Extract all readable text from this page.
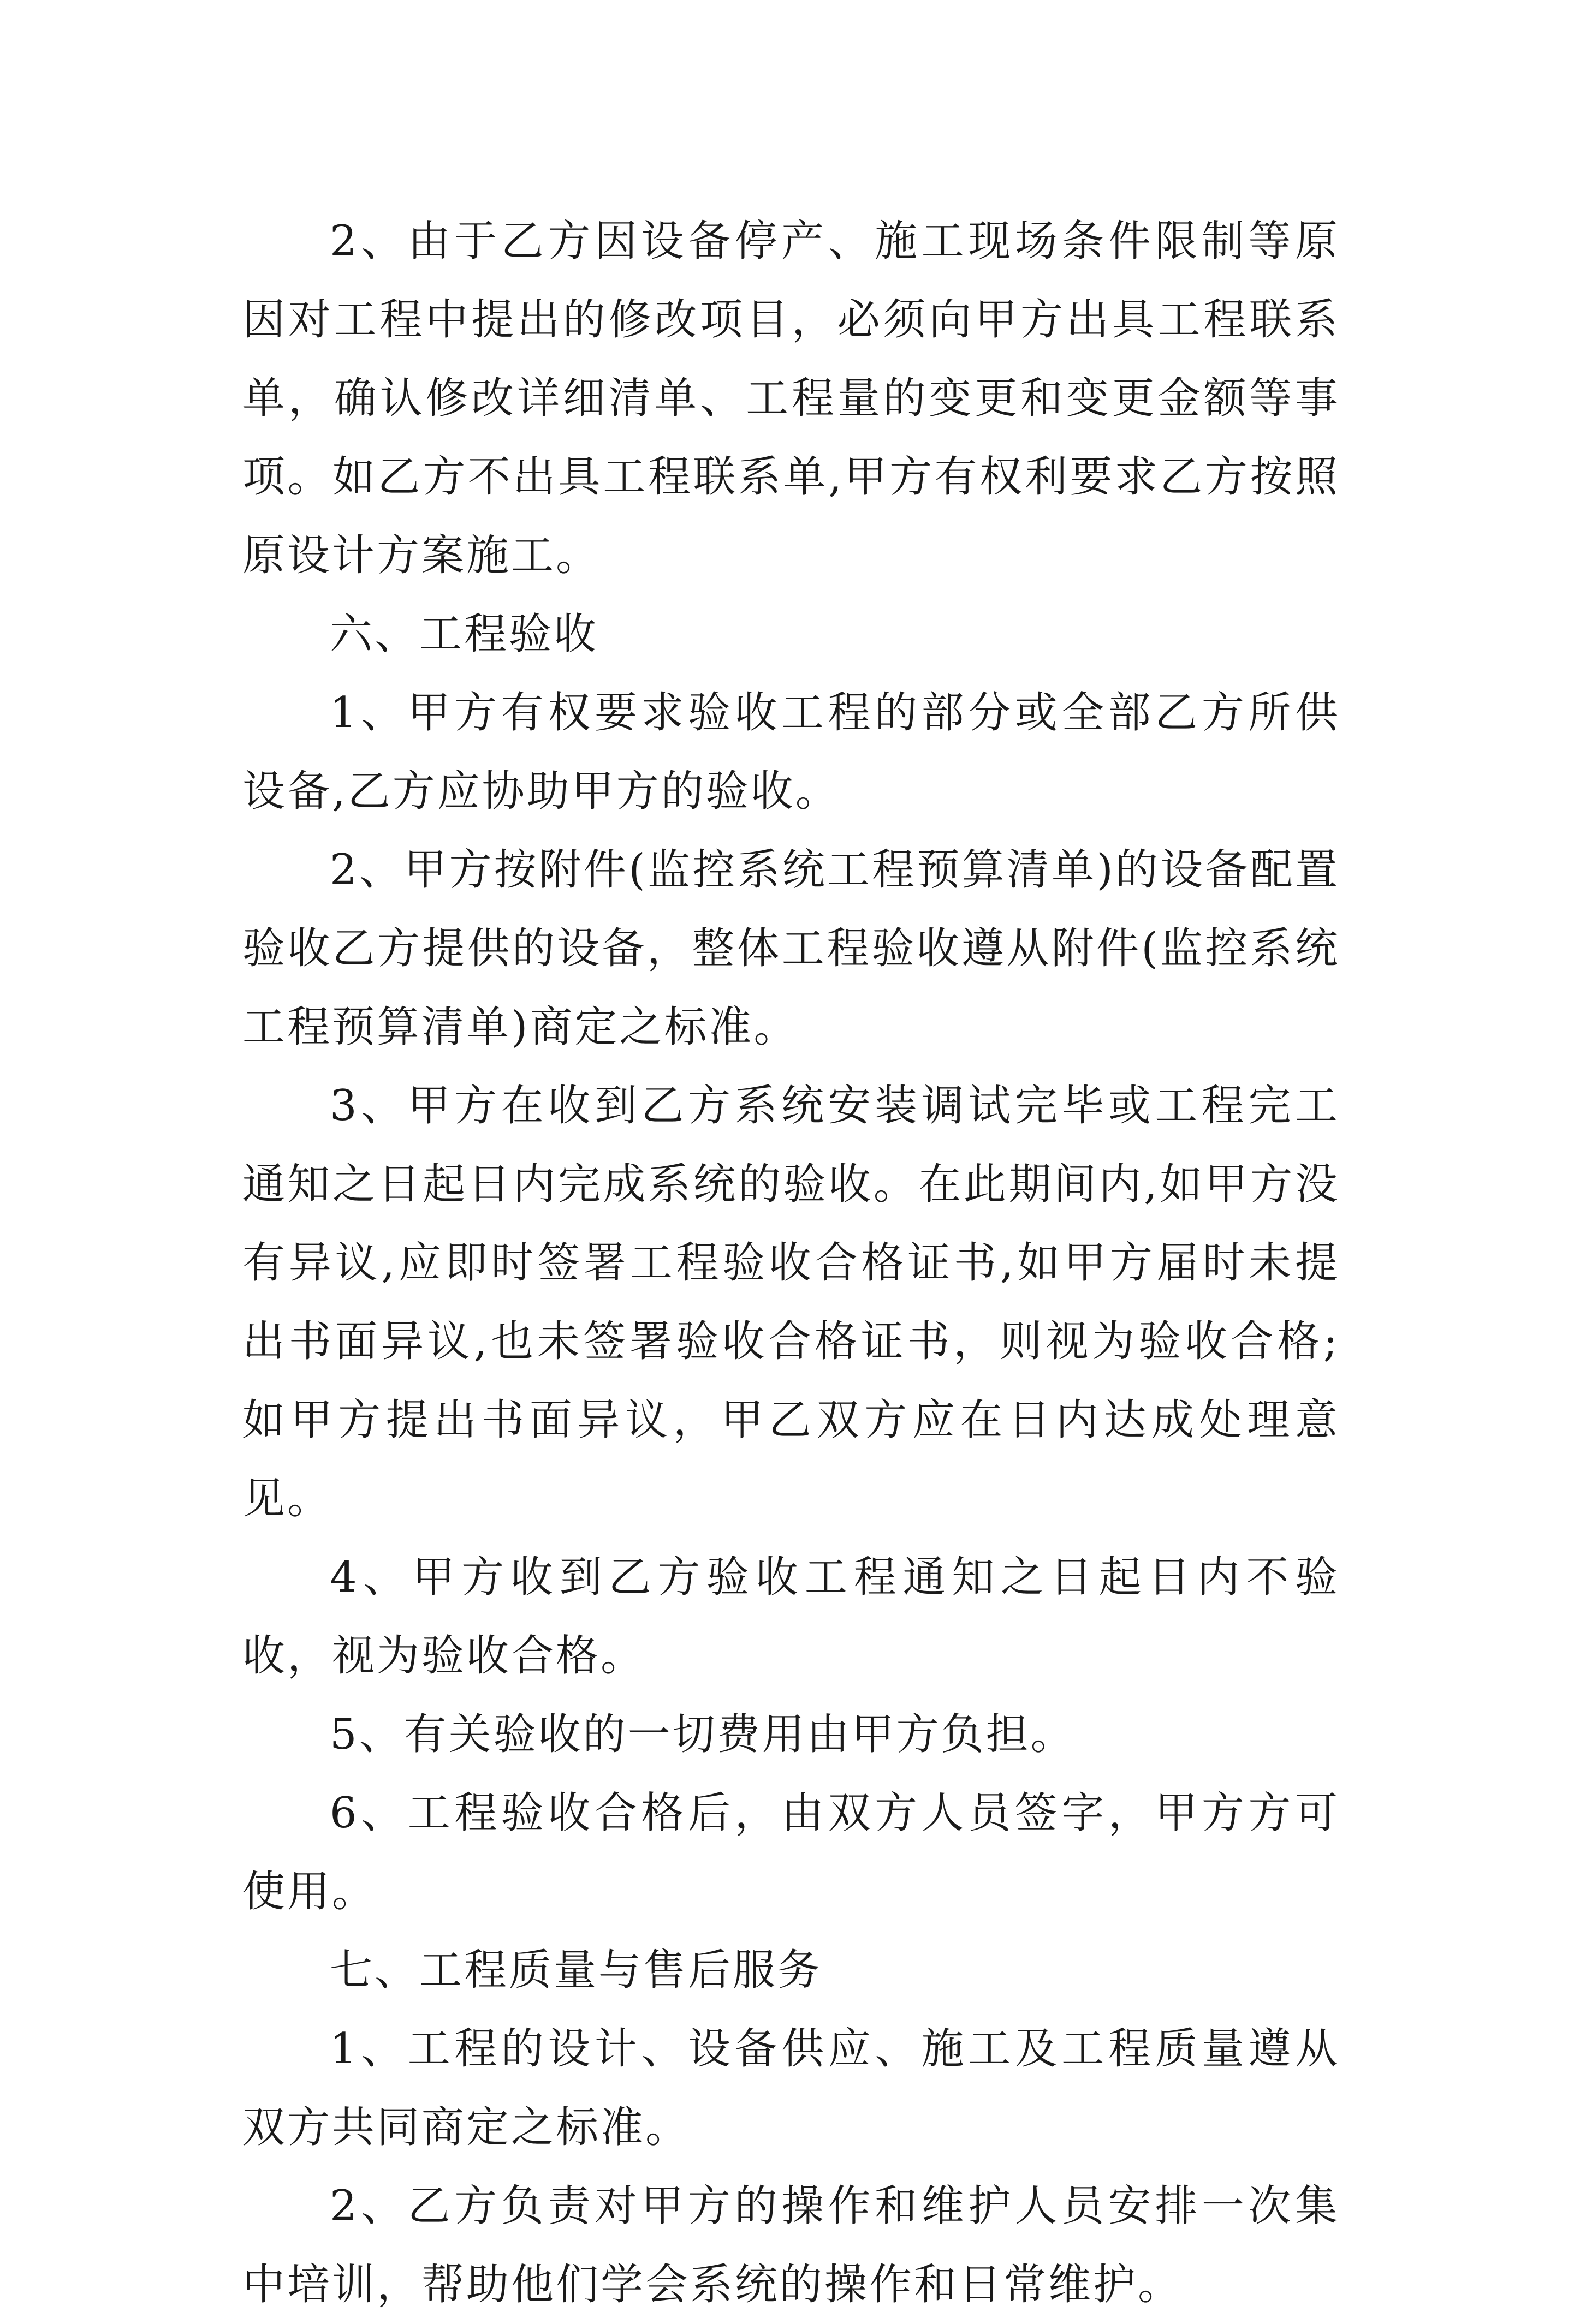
2、由于乙方因设备停产、施工现场条件限制等原因对工程中提出的修改项目，必须向甲方出具工程联系单，确认修改详细清单、工程量的变更和变更金额等事项。如乙方不出具工程联系单,甲方有权利要求乙方按照原设计方案施工。

六、工程验收

1、甲方有权要求验收工程的部分或全部乙方所供设备,乙方应协助甲方的验收。

2、甲方按附件(监控系统工程预算清单)的设备配置验收乙方提供的设备，整体工程验收遵从附件(监控系统工程预算清单)商定之标准。

3、甲方在收到乙方系统安装调试完毕或工程完工通知之日起日内完成系统的验收。在此期间内,如甲方没有异议,应即时签署工程验收合格证书,如甲方届时未提出书面异议,也未签署验收合格证书，则视为验收合格;如甲方提出书面异议，甲乙双方应在日内达成处理意见。

4、甲方收到乙方验收工程通知之日起日内不验收，视为验收合格。

5、有关验收的一切费用由甲方负担。

6、工程验收合格后，由双方人员签字，甲方方可使用。

七、工程质量与售后服务

1、工程的设计、设备供应、施工及工程质量遵从双方共同商定之标准。

2、乙方负责对甲方的操作和维护人员安排一次集中培训，帮助他们学会系统的操作和日常维护。
